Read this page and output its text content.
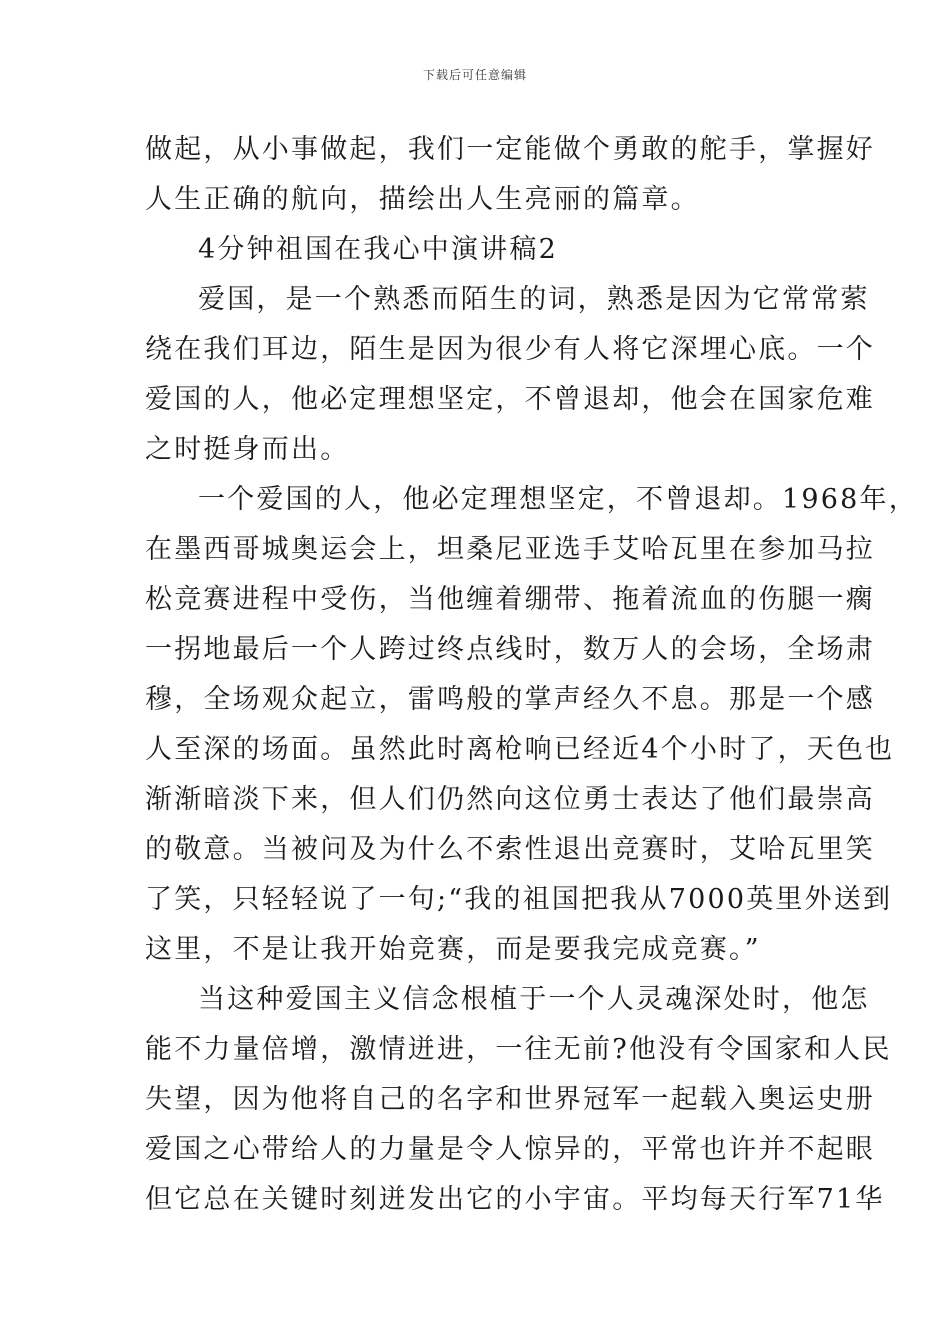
下载后可任意编辑
做起，从小事做起，我们一定能做个勇敢的舵手，掌握好
人生正确的航向，描绘出人生亮丽的篇章。
4分钟祖国在我心中演讲稿2
爱国，是一个熟悉而陌生的词，熟悉是因为它常常萦
绕在我们耳边，陌生是因为很少有人将它深埋心底。一个
爱国的人，他必定理想坚定，不曾退却，他会在国家危难
之时挺身而出。
一个爱国的人，他必定理想坚定，不曾退却。1968年，
在墨西哥城奥运会上，坦桑尼亚选手艾哈瓦里在参加马拉
松竞赛进程中受伤，当他缠着绷带、拖着流血的伤腿一瘸
一拐地最后一个人跨过终点线时，数万人的会场，全场肃
穆，全场观众起立，雷鸣般的掌声经久不息。那是一个感
人至深的场面。虽然此时离枪响已经近4个小时了，天色也
渐渐暗淡下来，但人们仍然向这位勇士表达了他们最崇高
的敬意。当被问及为什么不索性退出竞赛时，艾哈瓦里笑
了笑，只轻轻说了一句;“我的祖国把我从7000英里外送到
这里，不是让我开始竞赛，而是要我完成竞赛。”
当这种爱国主义信念根植于一个人灵魂深处时，他怎
能不力量倍增，激情迸进，一往无前?他没有令国家和人民
失望，因为他将自己的名字和世界冠军一起载入奥运史册
爱国之心带给人的力量是令人惊异的，平常也许并不起眼
但它总在关键时刻迸发出它的小宇宙。平均每天行军71华
